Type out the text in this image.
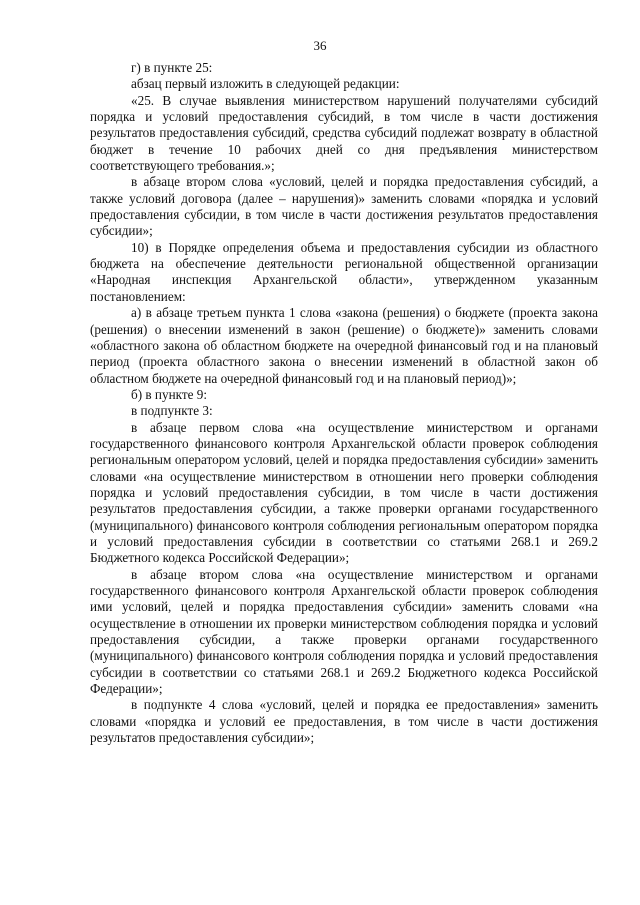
36

г) в пункте 25:

абзац первый изложить в следующей редакции:

«25. В случае выявления министерством нарушений получателями субсидий порядка и условий предоставления субсидий, в том числе в части достижения результатов предоставления субсидий, средства субсидий подлежат возврату в областной бюджет в течение 10 рабочих дней со дня предъявления министерством соответствующего требования.»;

в абзаце втором слова «условий, целей и порядка предоставления субсидий, а также условий договора (далее – нарушения)» заменить словами «порядка и условий предоставления субсидии, в том числе в части достижения результатов предоставления субсидии»;

10) в Порядке определения объема и предоставления субсидии из областного бюджета на обеспечение деятельности региональной общественной организации «Народная инспекция Архангельской области», утвержденном указанным постановлением:

а) в абзаце третьем пункта 1 слова «закона (решения) о бюджете (проекта закона (решения) о внесении изменений в закон (решение) о бюджете)» заменить словами «областного закона об областном бюджете на очередной финансовый год и на плановый период (проекта областного закона о внесении изменений в областной закон об областном бюджете на очередной финансовый год и на плановый период)»;

б) в пункте 9:

в подпункте 3:

в абзаце первом слова «на осуществление министерством и органами государственного финансового контроля Архангельской области проверок соблюдения региональным оператором условий, целей и порядка предоставления субсидии» заменить словами «на осуществление министерством в отношении него проверки соблюдения порядка и условий предоставления субсидии, в том числе в части достижения результатов предоставления субсидии, а также проверки органами государственного (муниципального) финансового контроля соблюдения региональным оператором порядка и условий предоставления субсидии в соответствии со статьями 268.1 и 269.2 Бюджетного кодекса Российской Федерации»;

в абзаце втором слова «на осуществление министерством и органами государственного финансового контроля Архангельской области проверок соблюдения ими условий, целей и порядка предоставления субсидии» заменить словами «на осуществление в отношении их проверки министерством соблюдения порядка и условий предоставления субсидии, а также проверки органами государственного (муниципального) финансового контроля соблюдения порядка и условий предоставления субсидии в соответствии со статьями 268.1 и 269.2 Бюджетного кодекса Российской Федерации»;

в подпункте 4 слова «условий, целей и порядка ее предоставления» заменить словами «порядка и условий ее предоставления, в том числе в части достижения результатов предоставления субсидии»;
